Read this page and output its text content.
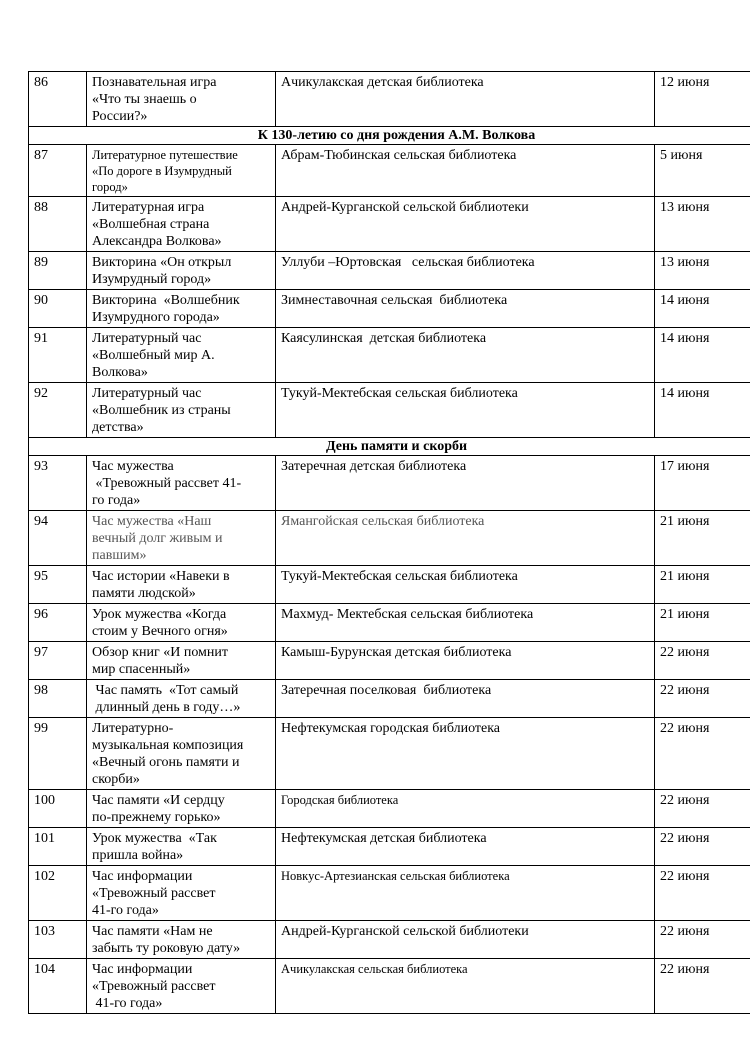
86	Познавательная игра
«Что ты знаешь о
России?»	Ачикулакская детская библиотека	12 июня
К 130-летию со дня рождения А.М. Волкова			
87	Литературное путешествие
«По дороге в Изумрудный
город»	Абрам-Тюбинская сельская библиотека	5 июня
88	Литературная игра
«Волшебная страна
Александра Волкова»	Андрей-Курганской сельской библиотеки	13 июня
89	Викторина «Он открыл
Изумрудный город»	Уллуби –Юртовская   сельская библиотека	13 июня
90	Викторина  «Волшебник
Изумрудного города»	Зимнеставочная сельская  библиотека	14 июня
91	Литературный час
«Волшебный мир А.
Волкова»	Каясулинская  детская библиотека	14 июня
92	Литературный час
«Волшебник из страны
детства»	Тукуй-Мектебская сельская библиотека	14 июня
День памяти и скорби			
93	Час мужества
«Тревожный рассвет 41-
го года»	Затеречная детская библиотека	17 июня
94	Час мужества «Наш
вечный долг живым и
павшим»	Ямангойская сельская библиотека	21 июня
95	Час истории «Навеки в
памяти людской»	Тукуй-Мектебская сельская библиотека	21 июня
96	Урок мужества «Когда
стоим у Вечного огня»	Махмуд- Мектебская сельская библиотека	21 июня
97	Обзор книг «И помнит
мир спасенный»	Камыш-Бурунская детская библиотека	22 июня
98	Час память  «Тот самый
длинный день в году…»	Затеречная поселковая  библиотека	22 июня
99	Литературно-
музыкальная композиция
«Вечный огонь памяти и
скорби»	Нефтекумская городская библиотека	22 июня
100	Час памяти «И сердцу
по-прежнему горько»	Городская библиотека	22 июня
101	Урок мужества  «Так
пришла война»	Нефтекумская детская библиотека	22 июня
102	Час информации
«Тревожный рассвет
41-го года»	Новкус-Артезианская сельская библиотека	22 июня
103	Час памяти «Нам не
забыть ту роковую дату»	Андрей-Курганской сельской библиотеки	22 июня
104	Час информации
«Тревожный рассвет
41-го года»	Ачикулакская сельская библиотека	22 июня
